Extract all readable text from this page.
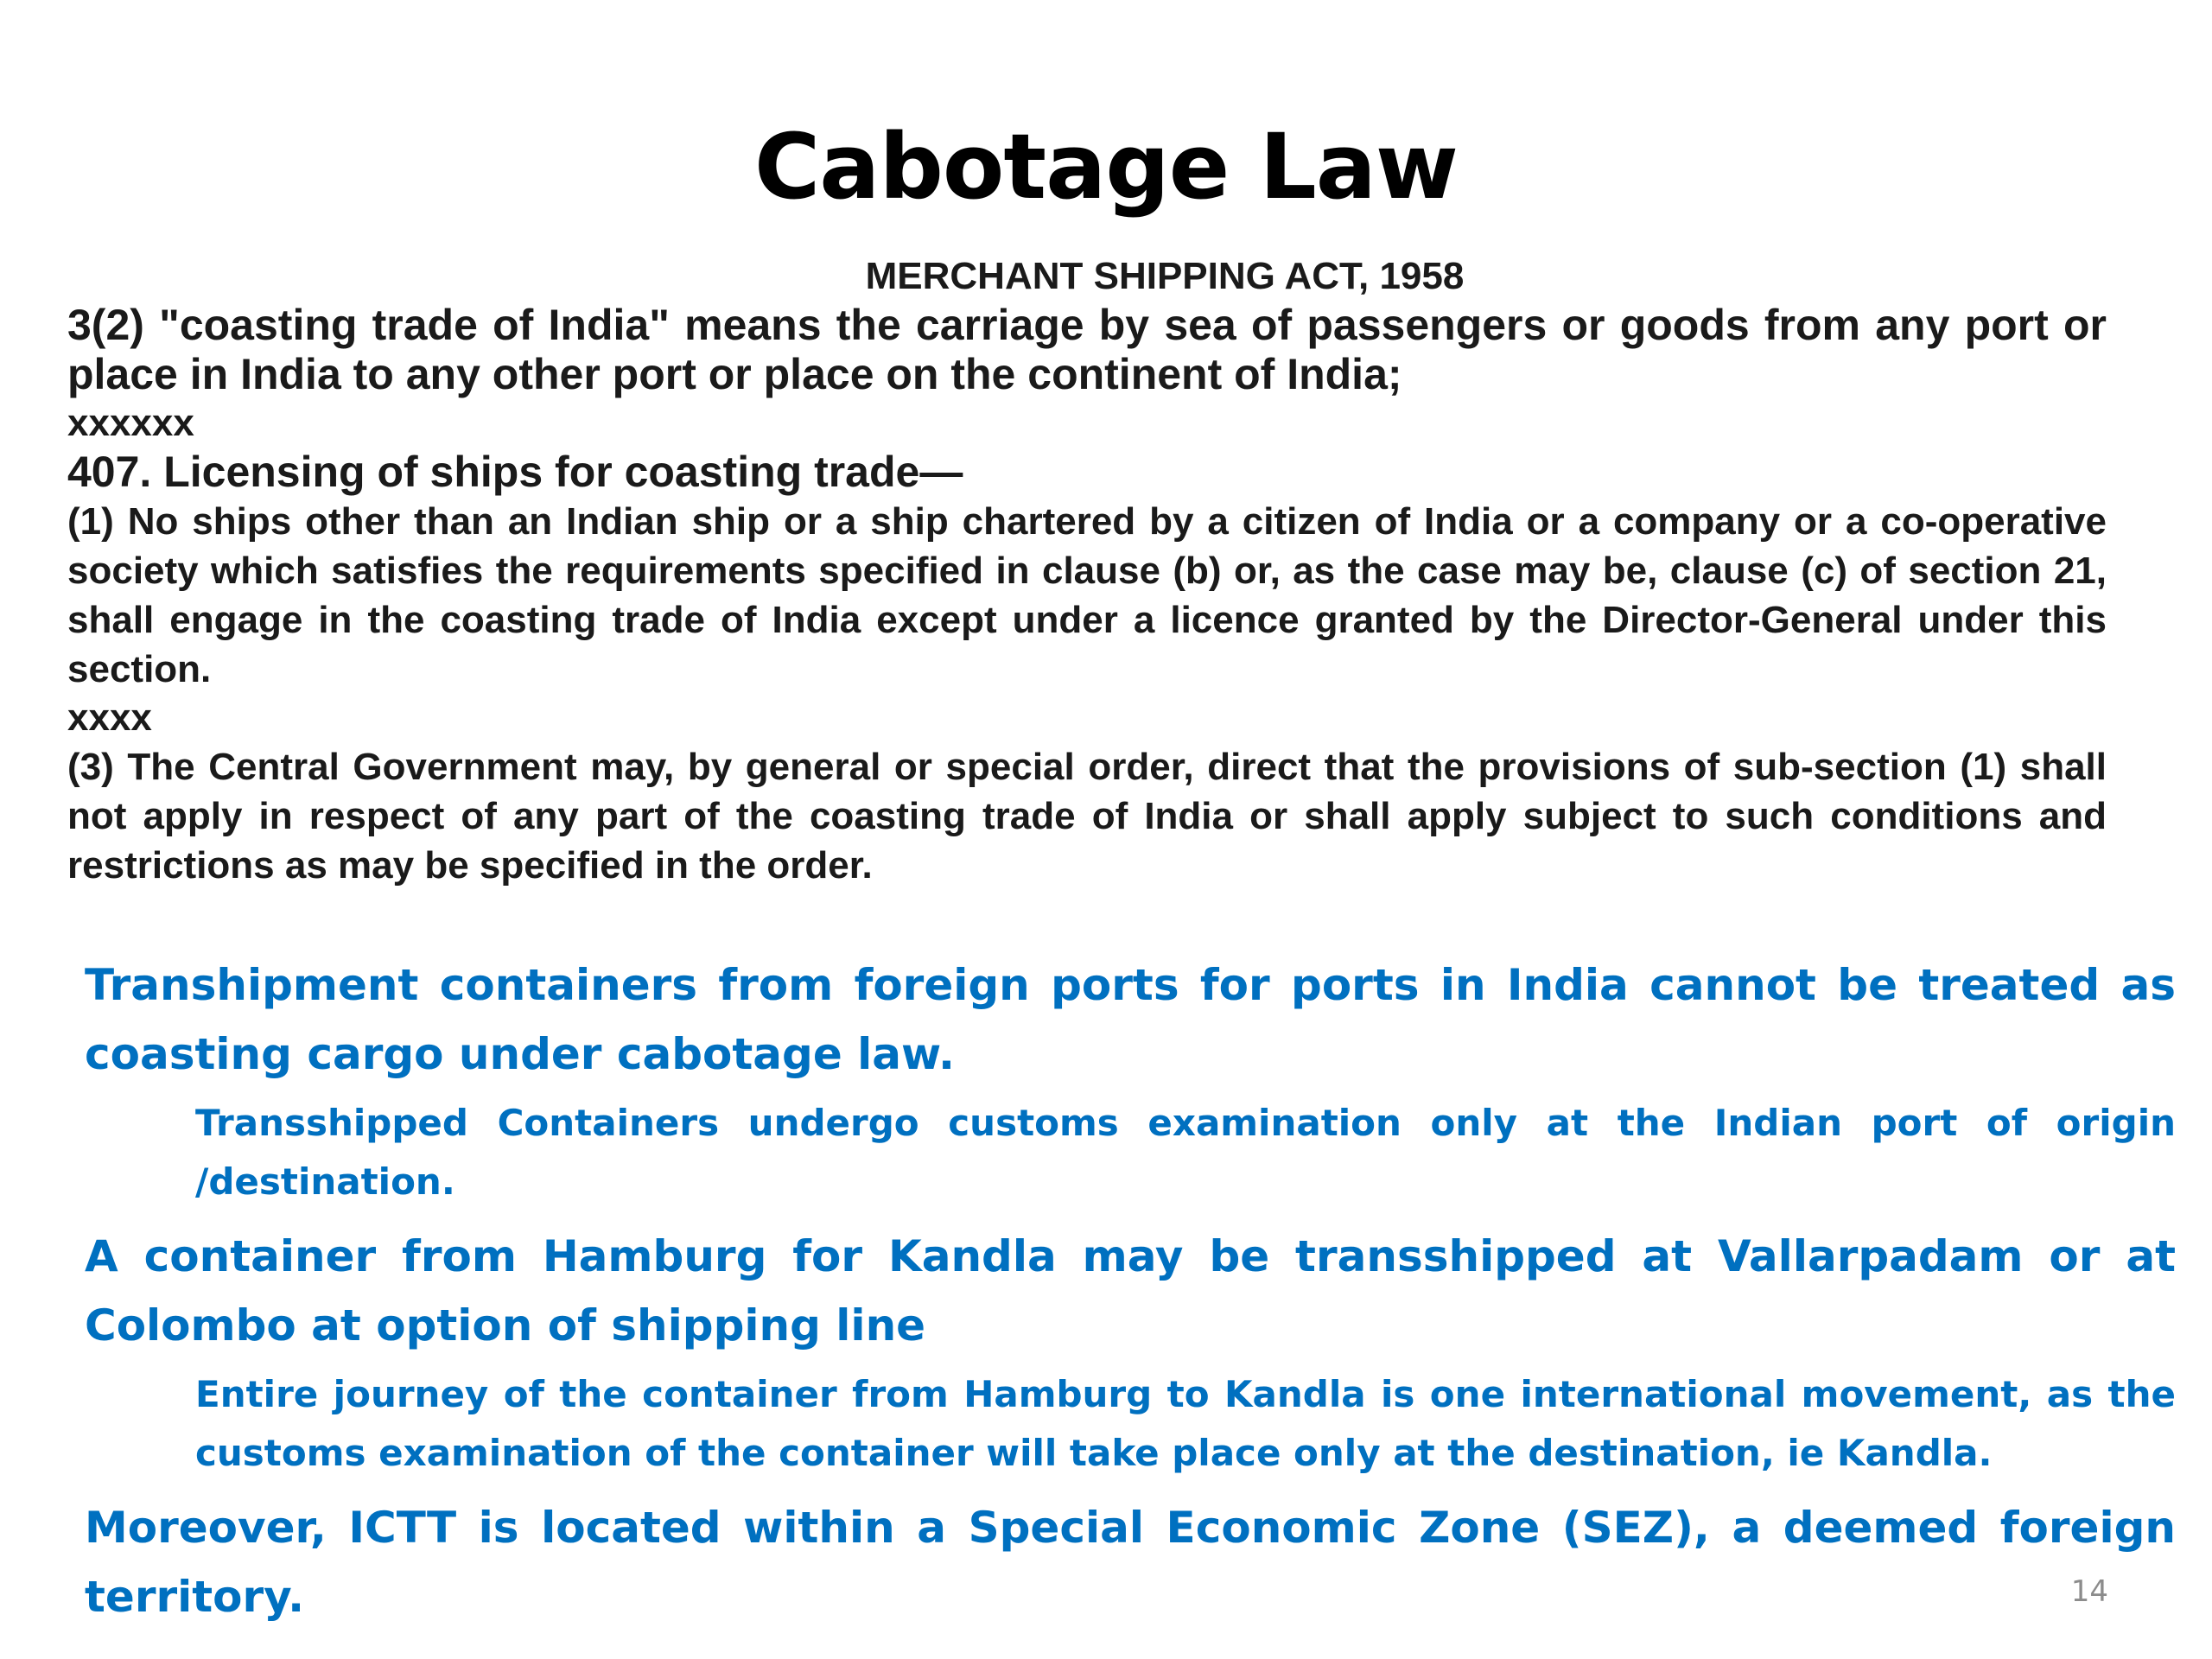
Cabotage Law
MERCHANT SHIPPING ACT, 1958
3(2) "coasting trade of India" means the carriage by sea of passengers or goods from any port or place in India to any other port or place on the continent of India;
xxxxxx
407. Licensing of ships for coasting trade—
(1) No ships other than an Indian ship or a ship chartered by a citizen of India or a company or a co-operative society which satisfies the requirements specified in clause (b) or, as the case may be, clause (c) of section 21, shall engage in the coasting trade of India except under a licence granted by the Director-General under this section.
xxxx
(3) The Central Government may, by general or special order, direct that the provisions of sub-section (1) shall not apply in respect of any part of the coasting trade of India or shall apply subject to such conditions and restrictions as may be specified in the order.

Transhipment containers from foreign ports for ports in India cannot be treated as coasting cargo under cabotage law.

Transshipped Containers undergo customs examination only at the Indian port of origin /destination.

A container from Hamburg for Kandla may be transshipped at Vallarpadam or at Colombo at option of shipping line

Entire journey of the container from Hamburg to Kandla is one international movement, as the customs examination of the container will take place only at the destination, ie Kandla.

Moreover, ICTT is located within a Special Economic Zone (SEZ), a deemed foreign territory.	14
